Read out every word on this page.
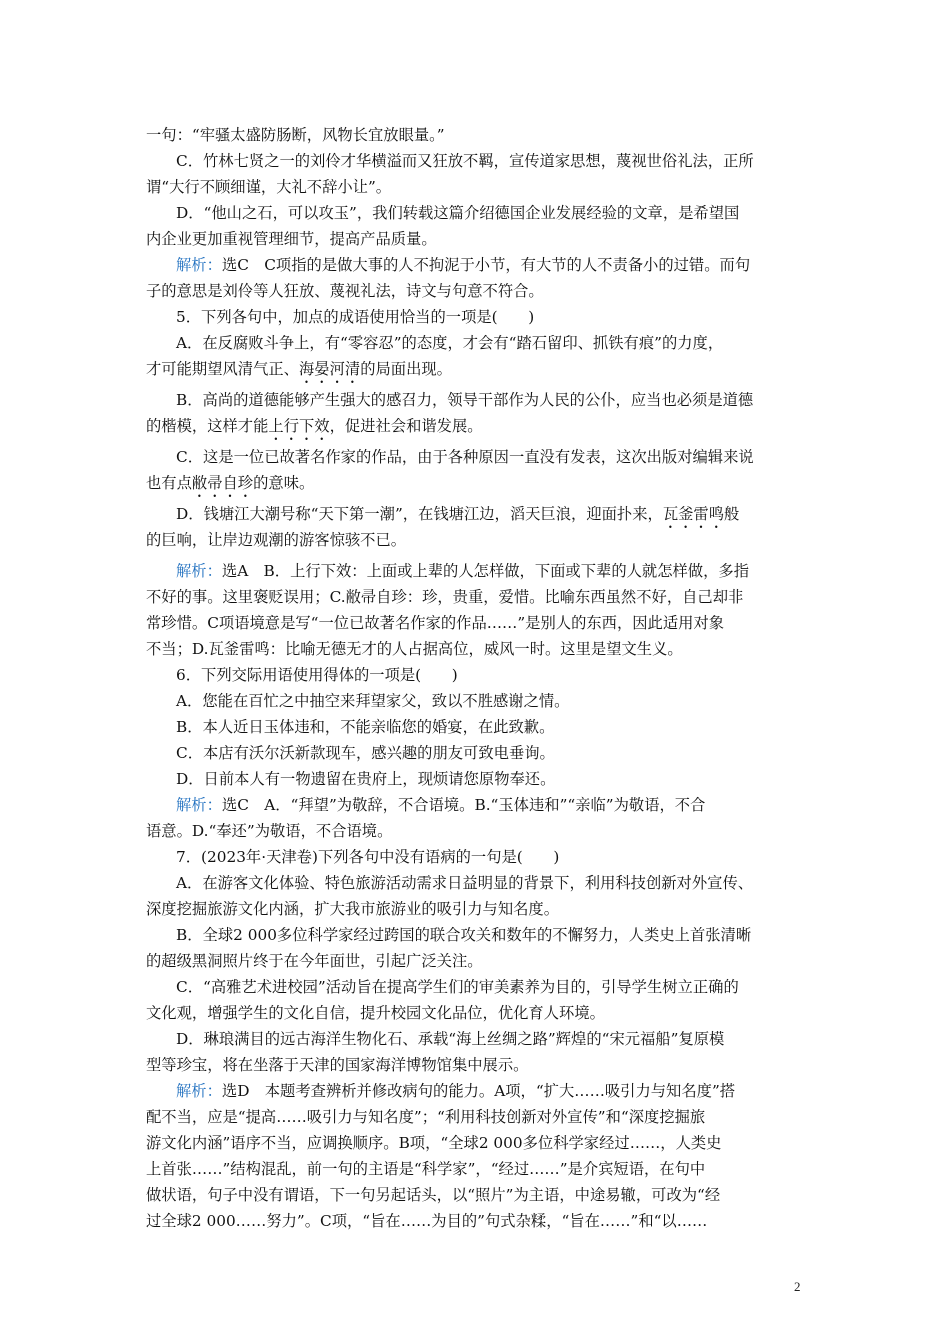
一句：“牢骚太盛防肠断，风物长宜放眼量。”
C．竹林七贤之一的刘伶才华横溢而又狂放不羁，宣传道家思想，蔑视世俗礼法，正所
谓“大行不顾细谨，大礼不辞小让”。
D．“他山之石，可以攻玉”，我们转载这篇介绍德国企业发展经验的文章，是希望国
内企业更加重视管理细节，提高产品质量。
解析：选C　C项指的是做大事的人不拘泥于小节，有大节的人不责备小的过错。而句
子的意思是刘伶等人狂放、蔑视礼法，诗文与句意不符合。
5．下列各句中，加点的成语使用恰当的一项是(　　)
A．在反腐败斗争上，有“零容忍”的态度，才会有“踏石留印、抓铁有痕”的力度，
才可能期望风清气正、海晏河清的局面出现。
B．高尚的道德能够产生强大的感召力，领导干部作为人民的公仆，应当也必须是道德
的楷模，这样才能上行下效，促进社会和谐发展。
C．这是一位已故著名作家的作品，由于各种原因一直没有发表，这次出版对编辑来说
也有点敝帚自珍的意味。
D．钱塘江大潮号称“天下第一潮”，在钱塘江边，滔天巨浪，迎面扑来，瓦釜雷鸣般
的巨响，让岸边观潮的游客惊骇不已。
解析：选A　B．上行下效：上面或上辈的人怎样做，下面或下辈的人就怎样做，多指
不好的事。这里褒贬误用；C.敝帚自珍：珍，贵重，爱惜。比喻东西虽然不好，自己却非
常珍惜。C项语境意是写“一位已故著名作家的作品……”是别人的东西，因此适用对象
不当；D.瓦釜雷鸣：比喻无德无才的人占据高位，威风一时。这里是望文生义。
6．下列交际用语使用得体的一项是(　　)
A．您能在百忙之中抽空来拜望家父，致以不胜感谢之情。
B．本人近日玉体违和，不能亲临您的婚宴，在此致歉。
C．本店有沃尔沃新款现车，感兴趣的朋友可致电垂询。
D．日前本人有一物遗留在贵府上，现烦请您原物奉还。
解析：选C　A．“拜望”为敬辞，不合语境。B.“玉体违和”“亲临”为敬语，不合
语意。D.“奉还”为敬语，不合语境。
7．(2023年·天津卷)下列各句中没有语病的一句是(　　)
A．在游客文化体验、特色旅游活动需求日益明显的背景下，利用科技创新对外宣传、
深度挖掘旅游文化内涵，扩大我市旅游业的吸引力与知名度。
B．全球2 000多位科学家经过跨国的联合攻关和数年的不懈努力，人类史上首张清晰
的超级黑洞照片终于在今年面世，引起广泛关注。
C．“高雅艺术进校园”活动旨在提高学生们的审美素养为目的，引导学生树立正确的
文化观，增强学生的文化自信，提升校园文化品位，优化育人环境。
D．琳琅满目的远古海洋生物化石、承载“海上丝绸之路”辉煌的“宋元福船”复原模
型等珍宝，将在坐落于天津的国家海洋博物馆集中展示。
解析：选D　本题考查辨析并修改病句的能力。A项，“扩大……吸引力与知名度”搭
配不当，应是“提高……吸引力与知名度”；“利用科技创新对外宣传”和“深度挖掘旅
游文化内涵”语序不当，应调换顺序。B项，“全球2 000多位科学家经过……，人类史
上首张……”结构混乱，前一句的主语是“科学家”，“经过……”是介宾短语，在句中
做状语，句子中没有谓语，下一句另起话头，以“照片”为主语，中途易辙，可改为“经
过全球2 000……努力”。C项，“旨在……为目的”句式杂糅，“旨在……”和“以……
2
